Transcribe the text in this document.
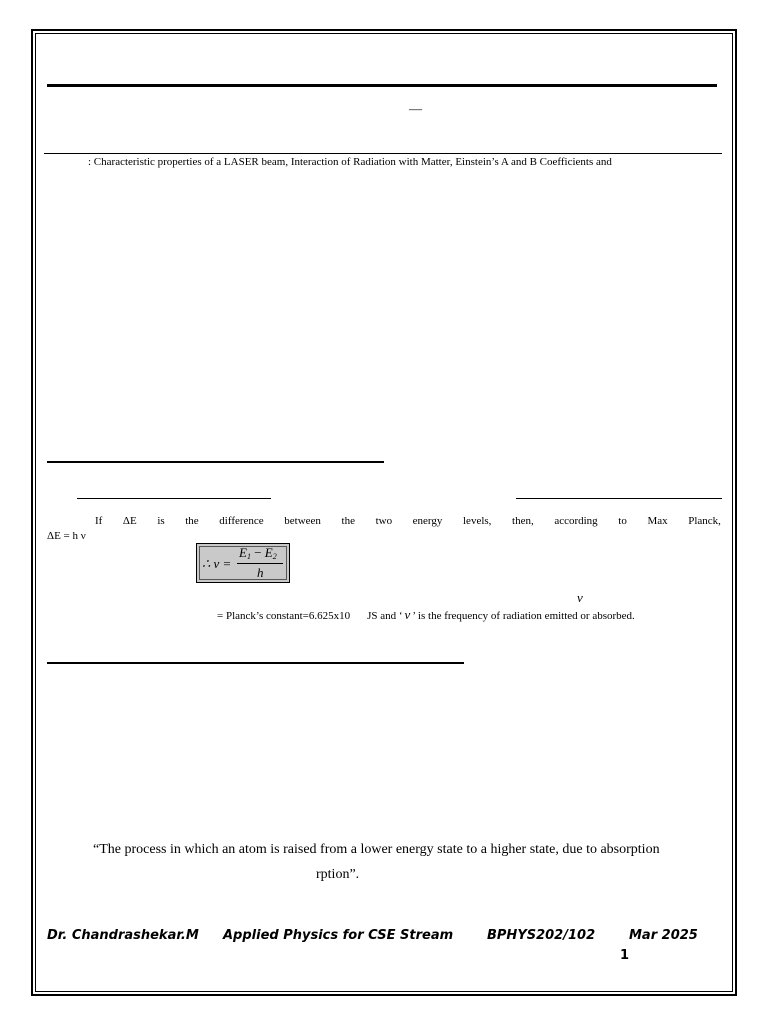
—
: Characteristic properties of a LASER beam, Interaction of Radiation with Matter, Einstein’s A and B Coefficients and
If ΔE is the difference between the two energy levels, then, according to Max Planck,
ΔE = h ν
∴ ν =
$E_1 - E_2$
h
ν
= Planck’s constant=6.625x10 JS and ‘ ν ’ is the frequency of radiation emitted or absorbed.
“The process in which an atom is raised from a lower energy state to a higher state, due to absorption
rption”.
Dr. Chandrashekar.M Applied Physics for CSE Stream	BPHYS202/102	Mar 2025
1
